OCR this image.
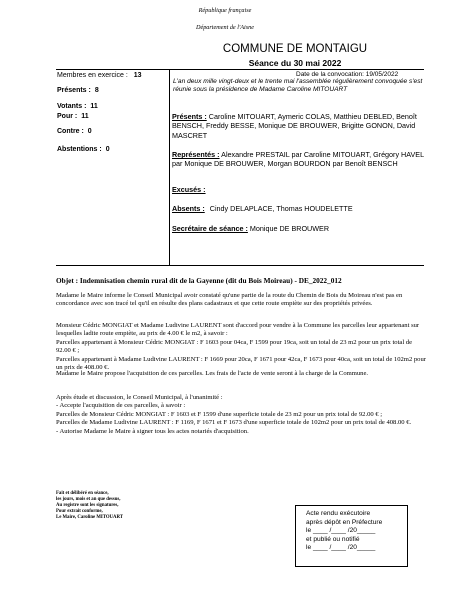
République française
Département de l'Aisne
COMMUNE DE MONTAIGU
Séance du 30 mai 2022
Membres en exercice : 13
Présents : 8
Votants : 11
Pour : 11
Contre : 0
Abstentions : 0
Date de la convocation: 19/05/2022
L'an deux mille vingt-deux et le trente mai l'assemblée régulièrement convoquée s'est réunie sous la présidence de Madame Caroline MITOUART
Présents : Caroline MITOUART, Aymeric COLAS, Matthieu DEBLED, Benoît BENSCH, Freddy BESSE, Monique DE BROUWER, Brigitte GONON, David MASCRET
Représentés : Alexandre PRESTAIL par Caroline MITOUART, Grégory HAVEL par Monique DE BROUWER, Morgan BOURDON par Benoît BENSCH
Excusés :
Absents : Cindy DELAPLACE, Thomas HOUDELETTE
Secrétaire de séance : Monique DE BROUWER
Objet : Indemnisation chemin rural dit de la Gayenne (dit du Bois Moireau) - DE_2022_012

Madame le Maire informe le Conseil Municipal avoir constaté qu'une partie de la route du Chemin de Bois du Moireau n'est pas en concordance avec son tracé tel qu'il en résulte des plans cadastraux et que cette route empiète sur des propriétés privées.

Monsieur Cédric MONGIAT et Madame Ludivine LAURENT sont d'accord pour vendre à la Commune les parcelles leur appartenant sur lesquelles ladite route empiète, au prix de 4.00 € le m2, à savoir :

Parcelles appartenant à Monsieur Cédric MONGIAT : F 1603 pour 04ca, F 1599 pour 19ca, soit un total de 23 m2 pour un prix total de 92.00 € ;

Parcelles appartenant à Madame Ludivine LAURENT : F 1669 pour 20ca, F 1671 pour 42ca, F 1673 pour 40ca, soit un total de 102m2 pour un prix de 408.00 €.

Madame le Maire propose l'acquisition de ces parcelles. Les frais de l'acte de vente seront à la charge de la Commune.

Après étude et discussion, le Conseil Municipal, à l'unanimité :

- Accepte l'acquisition de ces parcelles, à savoir :

Parcelles de Monsieur Cédric MONGIAT : F 1603 et F 1599 d'une superficie totale de 23 m2 pour un prix total de 92.00 € ;

Parcelles de Madame Ludivine LAURENT : F 1169, F 1671 et F 1673 d'une superficie totale de 102m2 pour un prix total de 408.00 €.

- Autorise Madame le Maire à signer tous les actes notariés d'acquisition.

Fait et délibéré en séance,
les jours, mois et an que dessus,
Au registre sont les signatures,
Pour extrait conforme,
Le Maire, Caroline MITOUART
Acte rendu exécutoire
après dépôt en Préfecture
le ____ /____ /20_____
et publié ou notifié
le ____ /____ /20_____
